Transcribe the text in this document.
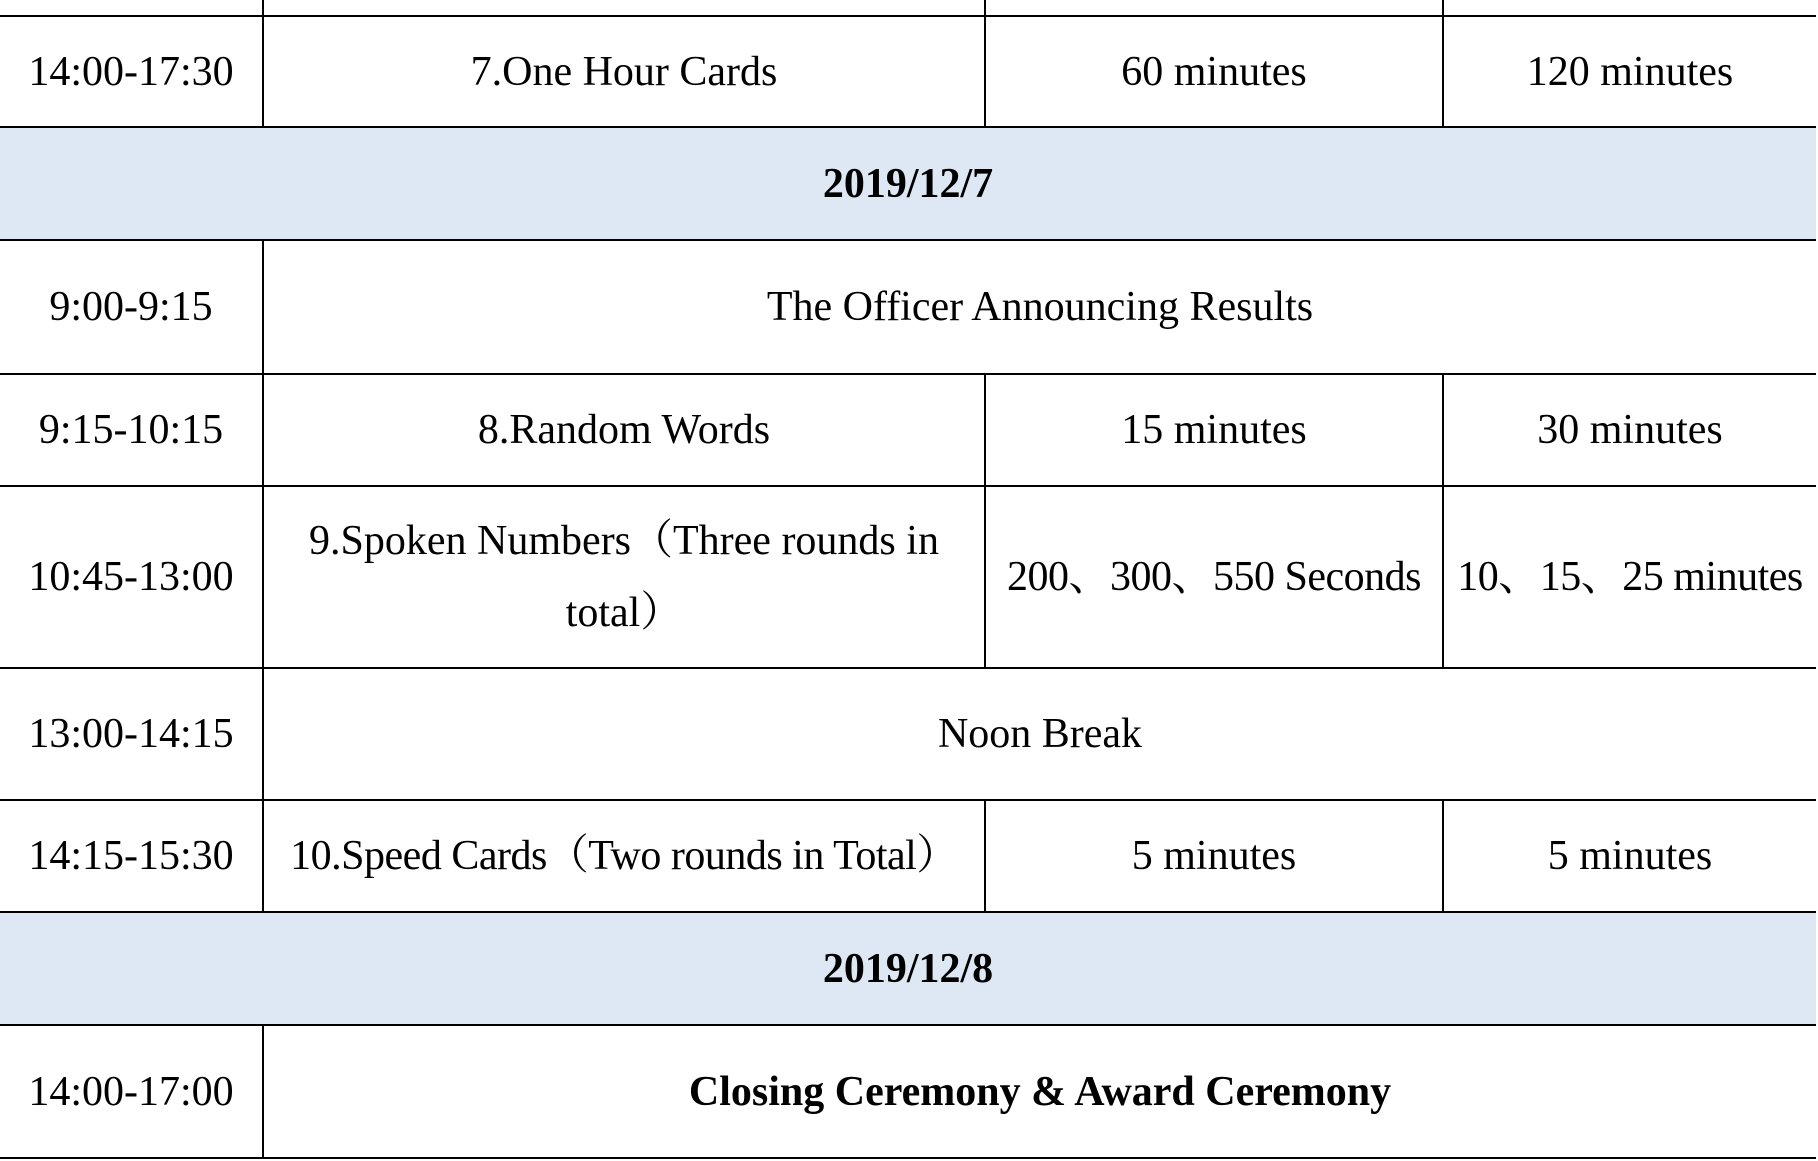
14:00-17:30	7.One Hour Cards	60 minutes	120 minutes
2019/12/7			
9:00-9:15	The Officer Announcing Results		
9:15-10:15	8.Random Words	15 minutes	30 minutes
10:45-13:00	9.Spoken Numbers（Three rounds in total）	200、300、550 Seconds	10、15、25 minutes
13:00-14:15	Noon Break		
14:15-15:30	10.Speed Cards（Two rounds in Total）	5 minutes	5 minutes
2019/12/8			
14:00-17:00	Closing Ceremony & Award Ceremony		
